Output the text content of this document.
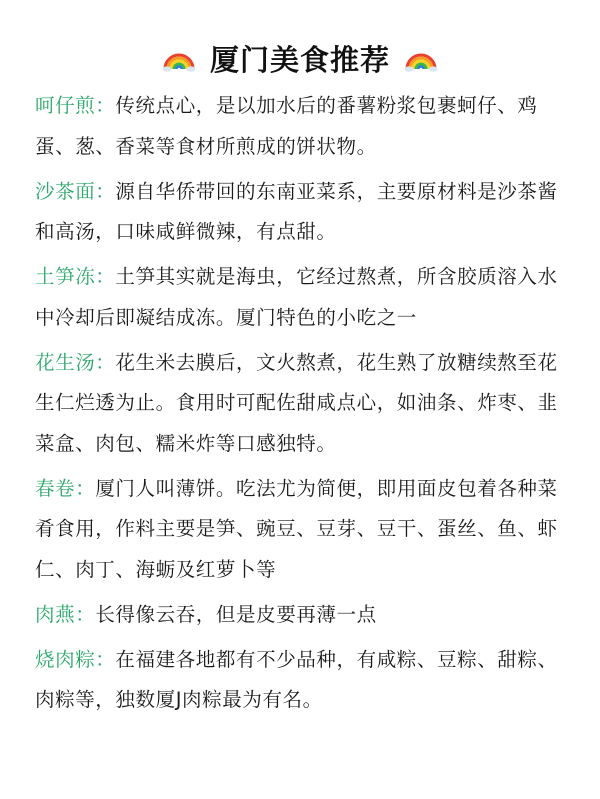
厦门美食推荐

呵仔煎：传统点心，是以加水后的番薯粉浆包裹蚵仔、鸡蛋、葱、香菜等食材所煎成的饼状物。

沙茶面：源自华侨带回的东南亚菜系，主要原材料是沙茶酱和高汤，口味咸鲜微辣，有点甜。

土笋冻：土笋其实就是海虫，它经过熬煮，所含胶质溶入水中冷却后即凝结成冻。厦门特色的小吃之一

花生汤：花生米去膜后，文火熬煮，花生熟了放糖续熬至花生仁烂透为止。食用时可配佐甜咸点心，如油条、炸枣、韭菜盒、肉包、糯米炸等口感独特。

春卷：厦门人叫薄饼。吃法尤为简便，即用面皮包着各种菜肴食用，作料主要是笋、豌豆、豆芽、豆干、蛋丝、鱼、虾仁、肉丁、海蛎及红萝卜等

肉燕：长得像云吞，但是皮要再薄一点

烧肉粽：在福建各地都有不少品种，有咸粽、豆粽、甜粽、肉粽等，独数厦J肉粽最为有名。
